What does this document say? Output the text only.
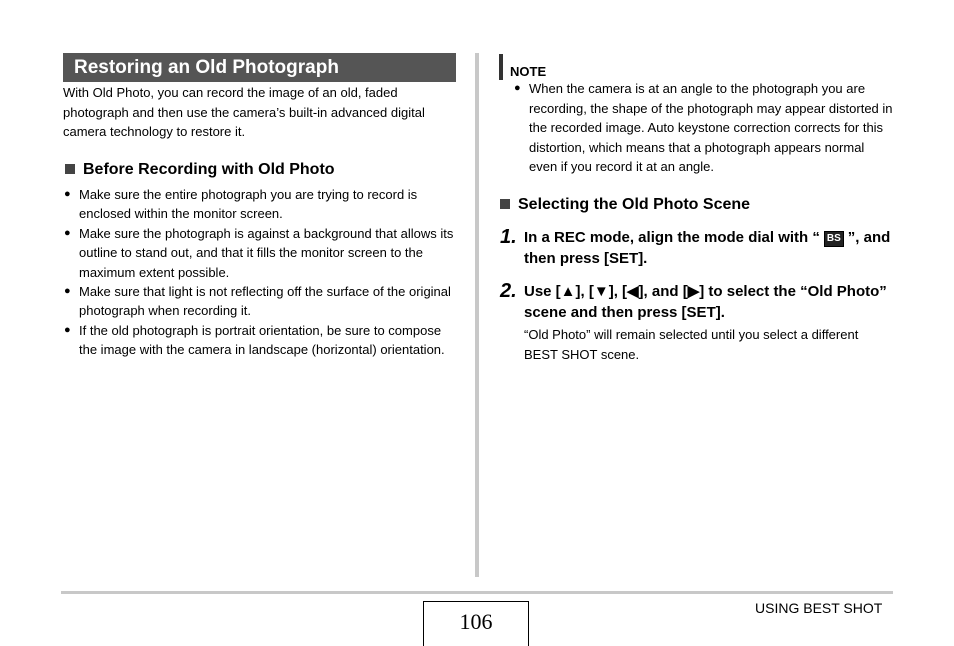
Restoring an Old Photograph
With Old Photo, you can record the image of an old, faded photograph and then use the camera’s built-in advanced digital camera technology to restore it.
Before Recording with Old Photo
● Make sure the entire photograph you are trying to record is enclosed within the monitor screen.
● Make sure the photograph is against a background that allows its outline to stand out, and that it fills the monitor screen to the maximum extent possible.
● Make sure that light is not reflecting off the surface of the original photograph when recording it.
● If the old photograph is portrait orientation, be sure to compose the image with the camera in landscape (horizontal) orientation.
NOTE
● When the camera is at an angle to the photograph you are recording, the shape of the photograph may appear distorted in the recorded image. Auto keystone correction corrects for this distortion, which means that a photograph appears normal even if you record it at an angle.
Selecting the Old Photo Scene
1. In a REC mode, align the mode dial with “ BS ”, and then press [SET].
2. Use [▲], [▼], [◀], and [▶] to select the “Old Photo” scene and then press [SET].
“Old Photo” will remain selected until you select a different BEST SHOT scene.
106
USING BEST SHOT
